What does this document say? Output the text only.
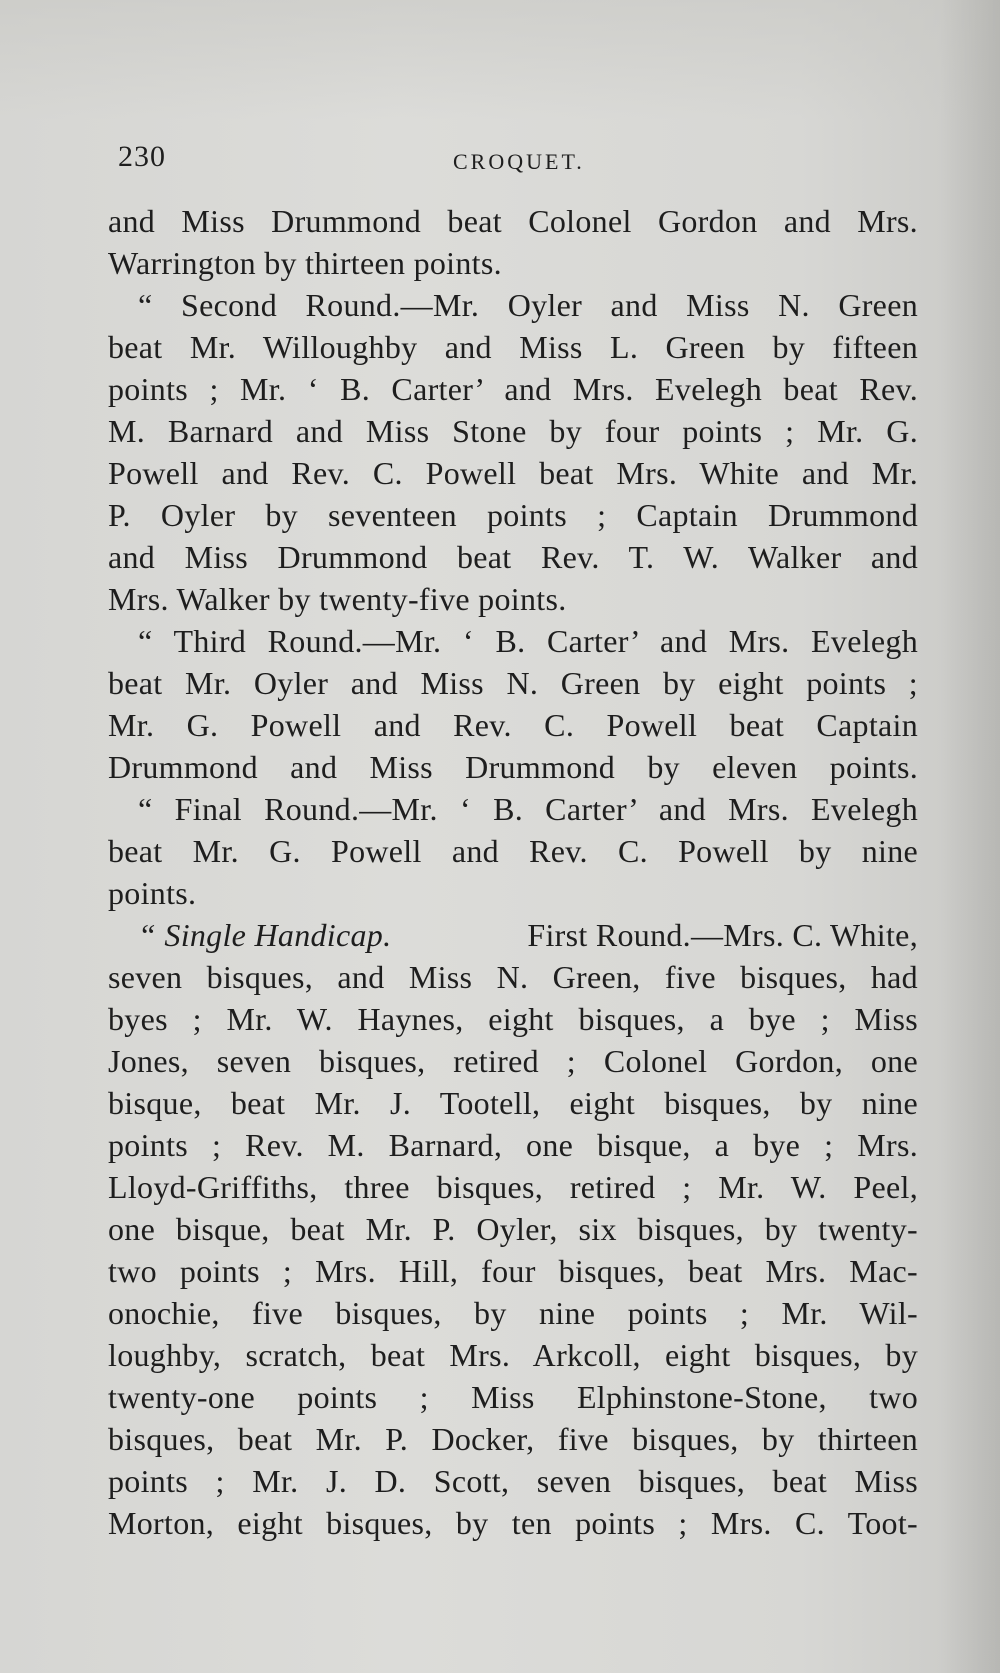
230	CROQUET.
and Miss Drummond beat Colonel Gordon and Mrs.
Warrington by thirteen points.
“ Second Round.—Mr. Oyler and Miss N. Green
beat Mr. Willoughby and Miss L. Green by fifteen
points ; Mr. ‘ B. Carter’ and Mrs. Evelegh beat Rev.
M. Barnard and Miss Stone by four points ; Mr. G.
Powell and Rev. C. Powell beat Mrs. White and Mr.
P. Oyler by seventeen points ; Captain Drummond
and Miss Drummond beat Rev. T. W. Walker and
Mrs. Walker by twenty-five points.
“ Third Round.—Mr. ‘ B. Carter’ and Mrs. Evelegh
beat Mr. Oyler and Miss N. Green by eight points ;
Mr. G. Powell and Rev. C. Powell beat Captain
Drummond and Miss Drummond by eleven points.
“ Final Round.—Mr. ‘ B. Carter’ and Mrs. Evelegh
beat Mr. G. Powell and Rev. C. Powell by nine
points.
“ Single Handicap.	First Round.—Mrs. C. White,
seven bisques, and Miss N. Green, five bisques, had
byes ; Mr. W. Haynes, eight bisques, a bye ; Miss
Jones, seven bisques, retired ; Colonel Gordon, one
bisque, beat Mr. J. Tootell, eight bisques, by nine
points ; Rev. M. Barnard, one bisque, a bye ; Mrs.
Lloyd-Griffiths, three bisques, retired ; Mr. W. Peel,
one bisque, beat Mr. P. Oyler, six bisques, by twenty-
two points ; Mrs. Hill, four bisques, beat Mrs. Mac-
onochie, five bisques, by nine points ; Mr. Wil-
loughby, scratch, beat Mrs. Arkcoll, eight bisques, by
twenty-one points ; Miss Elphinstone-Stone, two
bisques, beat Mr. P. Docker, five bisques, by thirteen
points ; Mr. J. D. Scott, seven bisques, beat Miss
Morton, eight bisques, by ten points ; Mrs. C. Toot-
